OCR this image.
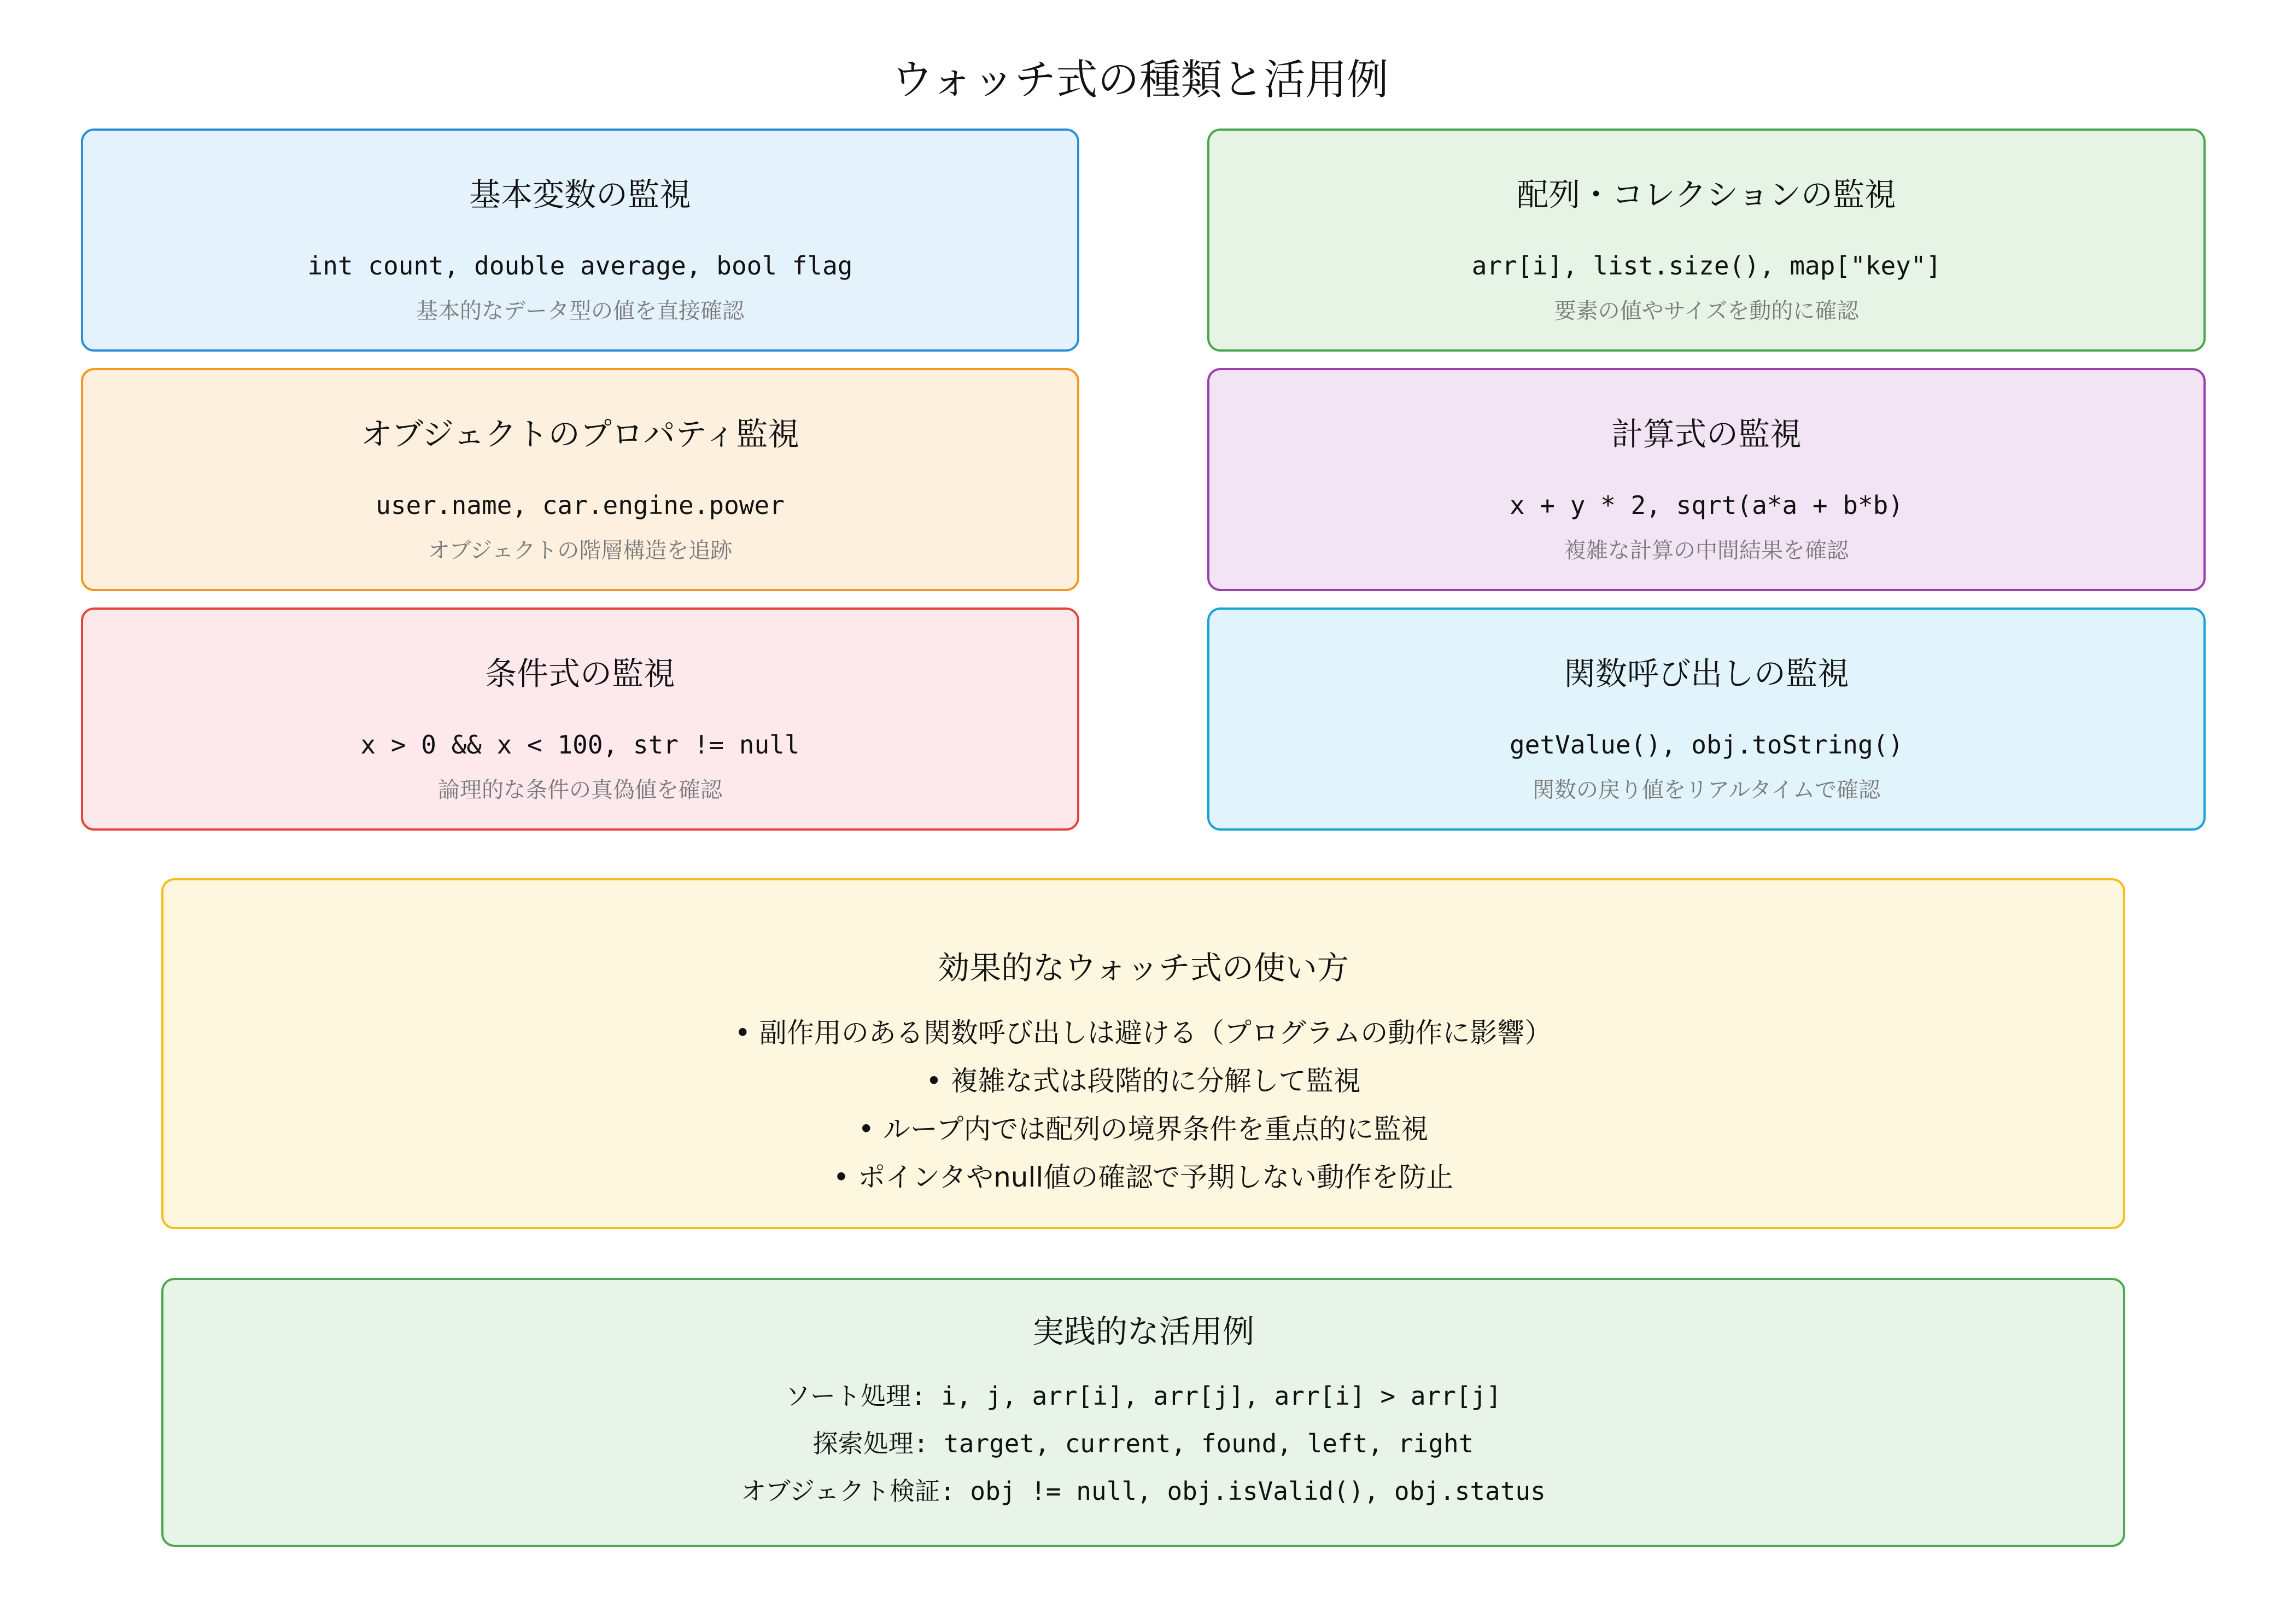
ウォッチ式の種類と活用例
基本変数の監視
int count, double average, bool flag
基本的なデータ型の値を直接確認
配列・コレクションの監視
arr[i], list.size(), map["key"]
要素の値やサイズを動的に確認
オブジェクトのプロパティ監視
user.name, car.engine.power
オブジェクトの階層構造を追跡
計算式の監視
x + y * 2, sqrt(a*a + b*b)
複雑な計算の中間結果を確認
条件式の監視
x > 0 && x < 100, str != null
論理的な条件の真偽値を確認
関数呼び出しの監視
getValue(), obj.toString()
関数の戻り値をリアルタイムで確認
効果的なウォッチ式の使い方
• 副作用のある関数呼び出しは避ける（プログラムの動作に影響）
• 複雑な式は段階的に分解して監視
• ループ内では配列の境界条件を重点的に監視
• ポインタやnull値の確認で予期しない動作を防止
実践的な活用例
ソート処理: i, j, arr[i], arr[j], arr[i] > arr[j]
探索処理: target, current, found, left, right
オブジェクト検証: obj != null, obj.isValid(), obj.status
